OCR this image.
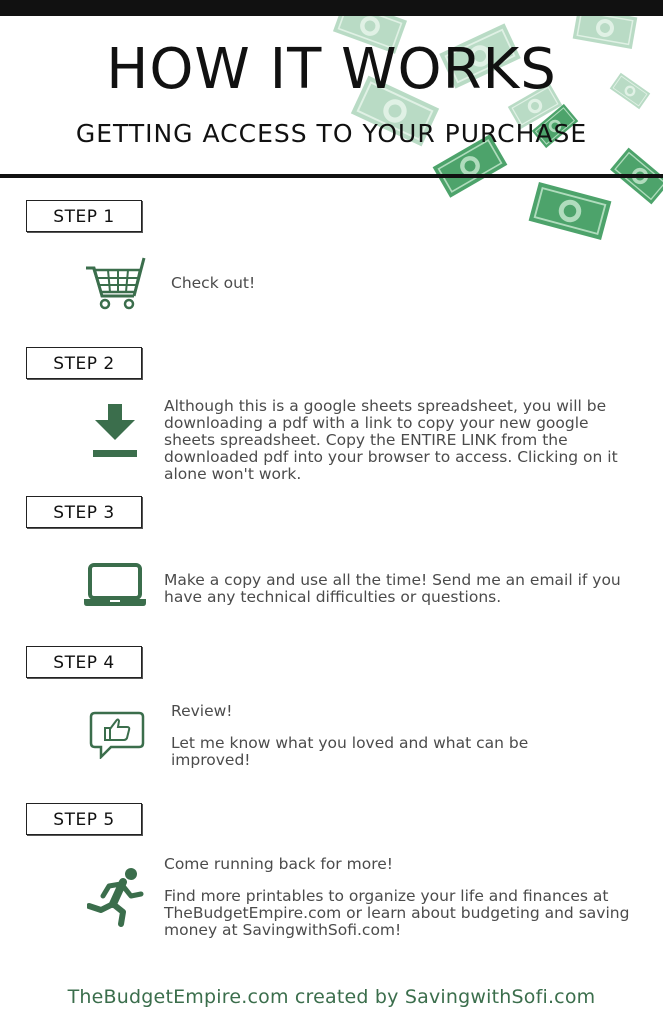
HOW IT WORKS
GETTING ACCESS TO YOUR PURCHASE
STEP 1
Check out!
STEP 2
Although this is a google sheets spreadsheet, you will be downloading a pdf with a link to copy your new google sheets spreadsheet. Copy the ENTIRE LINK from the downloaded pdf into your browser to access. Clicking on it alone won't work.
STEP 3
Make a copy and use all the time! Send me an email if you have any technical difficulties or questions.
STEP 4
Review!
Let me know what you loved and what can be improved!
STEP 5
Come running back for more!
Find more printables to organize your life and finances at TheBudgetEmpire.com or learn about budgeting and saving money at SavingwithSofi.com!
TheBudgetEmpire.com created by SavingwithSofi.com
